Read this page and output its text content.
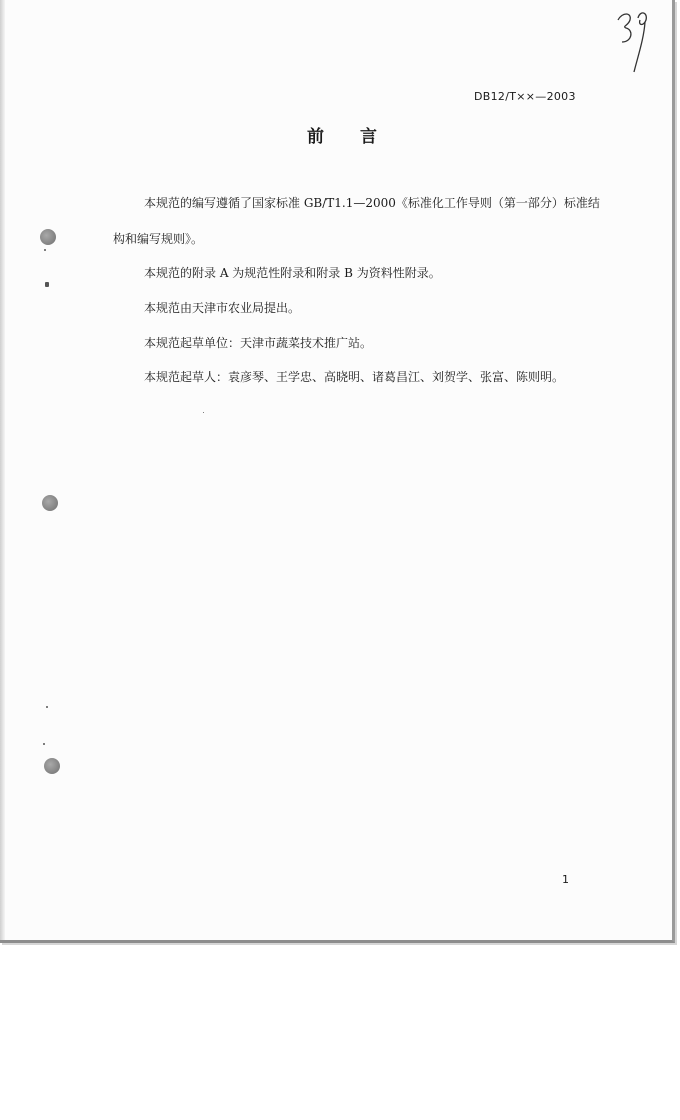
DB12/T××—2003
前言
本规范的编写遵循了国家标准 GB/T1.1—2000《标准化工作导则（第一部分）标准结
构和编写规则》。
本规范的附录 A 为规范性附录和附录 B 为资料性附录。
本规范由天津市农业局提出。
本规范起草单位：天津市蔬菜技术推广站。
本规范起草人：袁彦琴、王学忠、高晓明、诸葛昌江、刘贺学、张富、陈则明。
1
